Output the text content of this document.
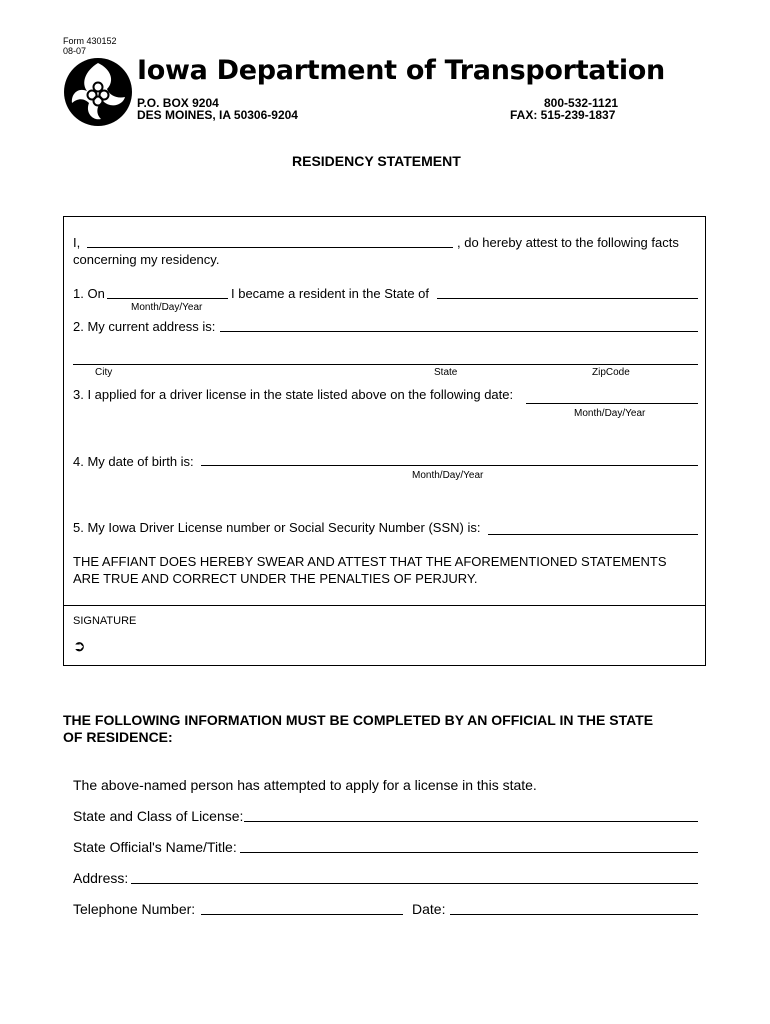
Form 430152
08-07
Iowa Department of Transportation
P.O. BOX 9204
DES MOINES, IA 50306-9204
800-532-1121
FAX: 515-239-1837
RESIDENCY STATEMENT
I,	, do hereby attest to the following facts
concerning my residency.
1. On	I became a resident in the State of
Month/Day/Year
2. My current address is:
City	State	ZipCode
3. I applied for a driver license in the state listed above on the following date:
Month/Day/Year
4. My date of birth is:
Month/Day/Year
5. My Iowa Driver License number or Social Security Number (SSN) is:
THE AFFIANT DOES HEREBY SWEAR AND ATTEST THAT THE AFOREMENTIONED STATEMENTS
ARE TRUE AND CORRECT UNDER THE PENALTIES OF PERJURY.
SIGNATURE
➲
THE FOLLOWING INFORMATION MUST BE COMPLETED BY AN OFFICIAL IN THE STATE
OF RESIDENCE:
The above-named person has attempted to apply for a license in this state.
State and Class of License:
State Official's Name/Title:
Address:
Telephone Number:	Date:
